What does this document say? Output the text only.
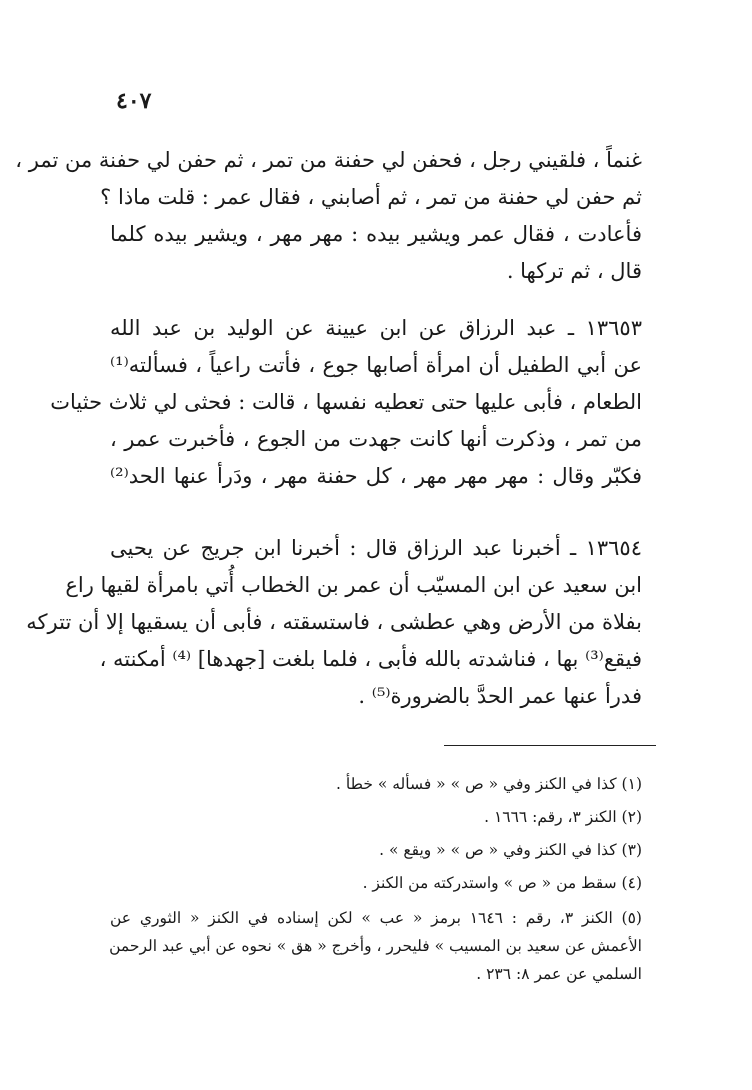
٤٠٧
غنماً ، فلقيني رجل ، فحفن لي حفنة من تمر ، ثم حفن لي حفنة من تمر ،
ثم حفن لي حفنة من تمر ، ثم أصابني ، فقال عمر : قلت ماذا ؟
فأعادت ، فقال عمر ويشير بيده : مهر مهر ، ويشير بيده كلما
قال ، ثم تركها .
١٣٦٥٣ ـ عبد الرزاق عن ابن عيينة عن الوليد بن عبد الله
عن أبي الطفيل أن امرأة أصابها جوع ، فأتت راعياً ، فسألته⁽¹⁾
الطعام ، فأبى عليها حتى تعطيه نفسها ، قالت : فحثى لي ثلاث حثيات
من تمر ، وذكرت أنها كانت جهدت من الجوع ، فأخبرت عمر ،
فكبّر وقال : مهر مهر مهر ، كل حفنة مهر ، ودَرأ عنها الحد⁽²⁾
١٣٦٥٤ ـ أخبرنا عبد الرزاق قال : أخبرنا ابن جريج عن يحيى
ابن سعيد عن ابن المسيّب أن عمر بن الخطاب أُتي بامرأة لقيها راع
بفلاة من الأرض وهي عطشى ، فاستسقته ، فأبى أن يسقيها إلا أن تتركه
فيقع⁽³⁾ بها ، فناشدته بالله فأبى ، فلما بلغت [جهدها] ⁽⁴⁾ أمكنته ،
فدرأ عنها عمر الحدَّ بالضرورة⁽⁵⁾ .
(١) كذا في الكنز وفي « ص » « فسأله » خطأ .
(٢) الكنز ٣، رقم: ١٦٦٦ .
(٣) كذا في الكنز وفي « ص » « ويقع » .
(٤) سقط من « ص » واستدركته من الكنز .
(٥) الكنز ٣، رقم : ١٦٤٦ برمز « عب » لكن إسناده في الكنز « الثوري عن
الأعمش عن سعيد بن المسيب » فليحرر ، وأخرج « هق » نحوه عن أبي عبد الرحمن
السلمي عن عمر ٨: ٢٣٦ .
